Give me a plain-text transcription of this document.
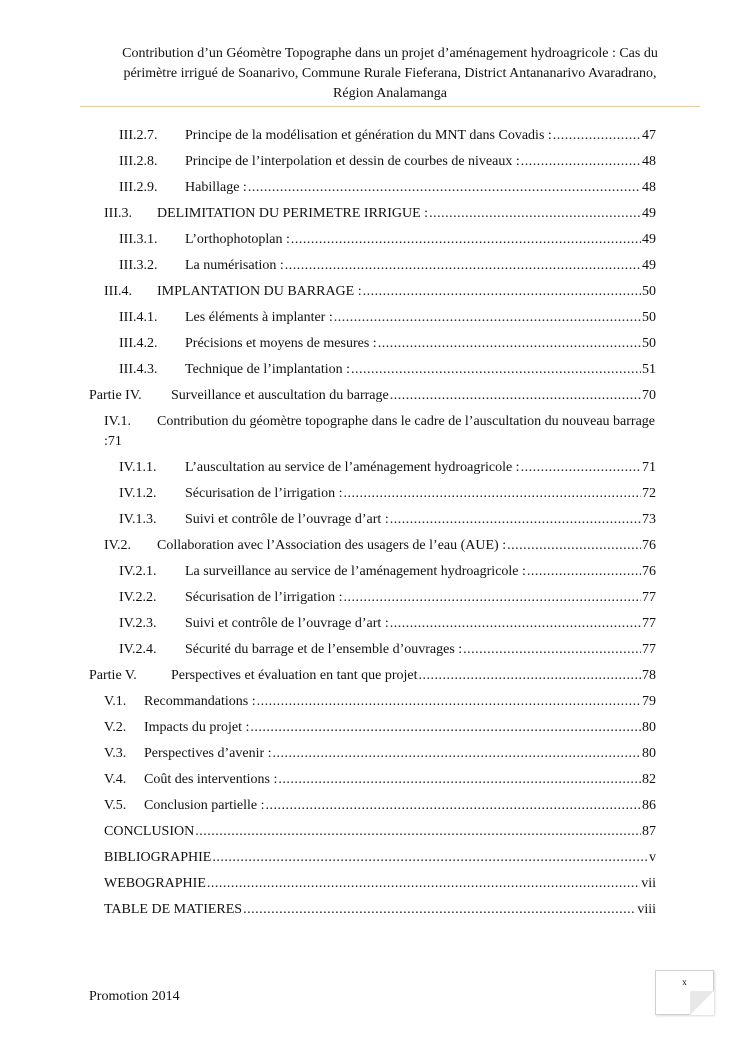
Contribution d’un Géomètre Topographe dans un projet d’aménagement hydroagricole : Cas du
périmètre irrigué de Soanarivo, Commune Rurale Fieferana, District Antananarivo Avaradrano,
Région Analamanga
III.2.7.	Principe de la modélisation et génération du MNT dans Covadis : .....	47
III.2.8.	Principe de l’interpolation et dessin de courbes de niveaux : .....	48
III.2.9.	Habillage : .....	48
III.3.	DELIMITATION DU PERIMETRE IRRIGUE : .....	49
III.3.1.	L’orthophotoplan : .....	49
III.3.2.	La numérisation : .....	49
III.4.	IMPLANTATION DU BARRAGE : .....	50
III.4.1.	Les éléments à implanter : .....	50
III.4.2.	Précisions et moyens de mesures : .....	50
III.4.3.	Technique de l’implantation : .....	51
Partie IV.	Surveillance et auscultation du barrage .....	70
IV.1. Contribution du géomètre topographe dans le cadre de l’auscultation du nouveau barrage :71
IV.1.1.	L’auscultation au service de l’aménagement hydroagricole : .....	71
IV.1.2.	Sécurisation de l’irrigation : .....	72
IV.1.3.	Suivi et contrôle de l’ouvrage d’art : .....	73
IV.2.	Collaboration avec l’Association des usagers de l’eau (AUE) : .....	76
IV.2.1.	La surveillance au service de l’aménagement hydroagricole : .....	76
IV.2.2.	Sécurisation de l’irrigation : .....	77
IV.2.3.	Suivi et contrôle de l’ouvrage d’art : .....	77
IV.2.4.	Sécurité du barrage et de l’ensemble d’ouvrages : .....	77
Partie V.	Perspectives et évaluation en tant que projet .....	78
V.1.	Recommandations : .....	79
V.2.	Impacts du projet : .....	80
V.3.	Perspectives d’avenir : .....	80
V.4.	Coût des interventions : .....	82
V.5.	Conclusion partielle : .....	86
CONCLUSION .....	87
BIBLIOGRAPHIE .....	v
WEBOGRAPHIE .....	vii
TABLE DE MATIERES .....	viii
Promotion 2014
x
